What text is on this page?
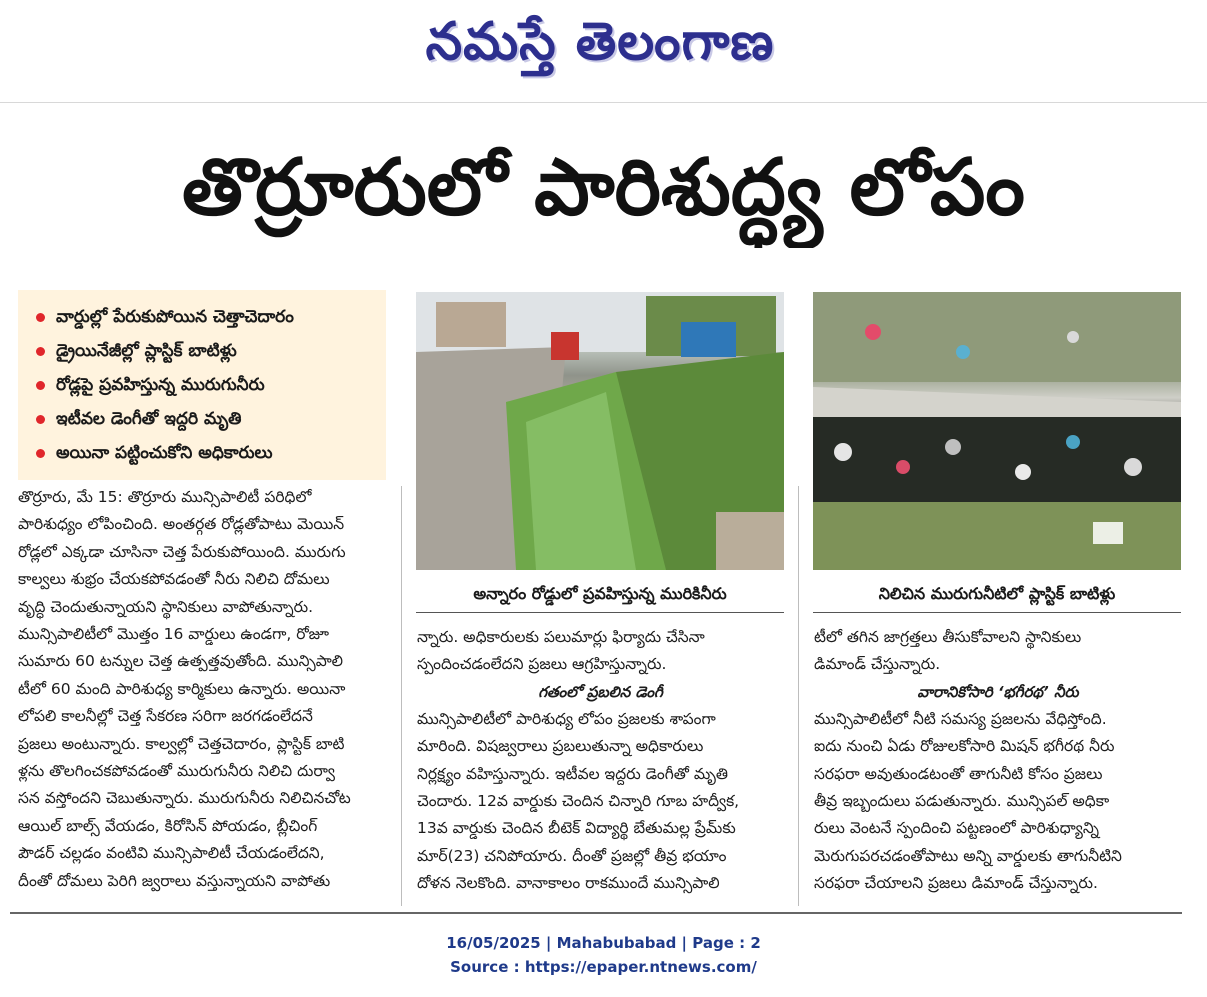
నమస్తే తెలంగాణ
తొర్రూరులో పారిశుద్ధ్య లోపం
వార్డుల్లో పేరుకుపోయిన చెత్తాచెదారం
డ్రైయినేజీల్లో ప్లాస్టిక్ బాటిళ్లు
రోడ్లపై ప్రవహిస్తున్న మురుగునీరు
ఇటీవల డెంగీతో ఇద్దరి మృతి
అయినా పట్టించుకోని అధికారులు

తొర్రూరు, మే 15: తొర్రూరు మున్సిపాలిటీ పరిధిలో

పారిశుధ్యం లోపించింది. అంతర్గత రోడ్లతోపాటు మెయిన్

రోడ్లలో ఎక్కడా చూసినా చెత్త పేరుకుపోయింది. మురుగు

కాల్వలు శుభ్రం చేయకపోవడంతో నీరు నిలిచి దోమలు

వృద్ధి చెందుతున్నాయని స్థానికులు వాపోతున్నారు.

మున్సిపాలిటీలో మొత్తం 16 వార్డులు ఉండగా, రోజూ

సుమారు 60 టన్నుల చెత్త ఉత్పత్తవుతోంది. మున్సిపాలి

టీలో 60 మంది పారిశుధ్య కార్మికులు ఉన్నారు. అయినా

లోపలి కాలనీల్లో చెత్త సేకరణ సరిగా జరగడంలేదనే

ప్రజలు అంటున్నారు. కాల్వల్లో చెత్తచెదారం, ప్లాస్టిక్ బాటి

ళ్లను తొలగించకపోవడంతో మురుగునీరు నిలిచి దుర్వా

సన వస్తోందని చెబుతున్నారు. మురుగునీరు నిలిచినచోట

ఆయిల్ బాల్స్ వేయడం, కిరోసిన్ పోయడం, బ్లీచింగ్

పౌడర్ చల్లడం వంటివి మున్సిపాలిటీ చేయడంలేదని,

దీంతో దోమలు పెరిగి జ్వరాలు వస్తున్నాయని వాపోతు

అన్నారం రోడ్డులో ప్రవహిస్తున్న మురికినీరు	నిలిచిన మురుగునీటిలో ప్లాస్టిక్ బాటిళ్లు

న్నారు. అధికారులకు పలుమార్లు ఫిర్యాదు చేసినా

స్పందించడంలేదని ప్రజలు ఆగ్రహిస్తున్నారు.

గతంలో ప్రబలిన డెంగీ

మున్సిపాలిటీలో పారిశుధ్య లోపం ప్రజలకు శాపంగా

మారింది. విషజ్వరాలు ప్రబలుతున్నా అధికారులు

నిర్లక్ష్యం వహిస్తున్నారు. ఇటీవల ఇద్దరు డెంగీతో మృతి

చెందారు. 12వ వార్డుకు చెందిన చిన్నారి గూబ హద్వీక,

13వ వార్డుకు చెందిన బీటెక్ విద్యార్థి బేతుమల్ల ప్రేమ్‌కు

మార్(23) చనిపోయారు. దీంతో ప్రజల్లో తీవ్ర భయాం

దోళన నెలకొంది. వానాకాలం రాకముందే మున్సిపాలి

టీలో తగిన జాగ్రత్తలు తీసుకోవాలని స్థానికులు

డిమాండ్ చేస్తున్నారు.

వారానికోసారి ‘భగీరథ’ నీరు

మున్సిపాలిటీలో నీటి సమస్య ప్రజలను వేధిస్తోంది.

ఐదు నుంచి ఏడు రోజులకోసారి మిషన్ భగీరథ నీరు

సరఫరా అవుతుండటంతో తాగునీటి కోసం ప్రజలు

తీవ్ర ఇబ్బందులు పడుతున్నారు. మున్సిపల్ అధికా

రులు వెంటనే స్పందించి పట్టణంలో పారిశుధ్యాన్ని

మెరుగుపరచడంతోపాటు అన్ని వార్డులకు తాగునీటిని

సరఫరా చేయాలని ప్రజలు డిమాండ్ చేస్తున్నారు.

16/05/2025 | Mahabubabad | Page : 2
Source : https://epaper.ntnews.com/
